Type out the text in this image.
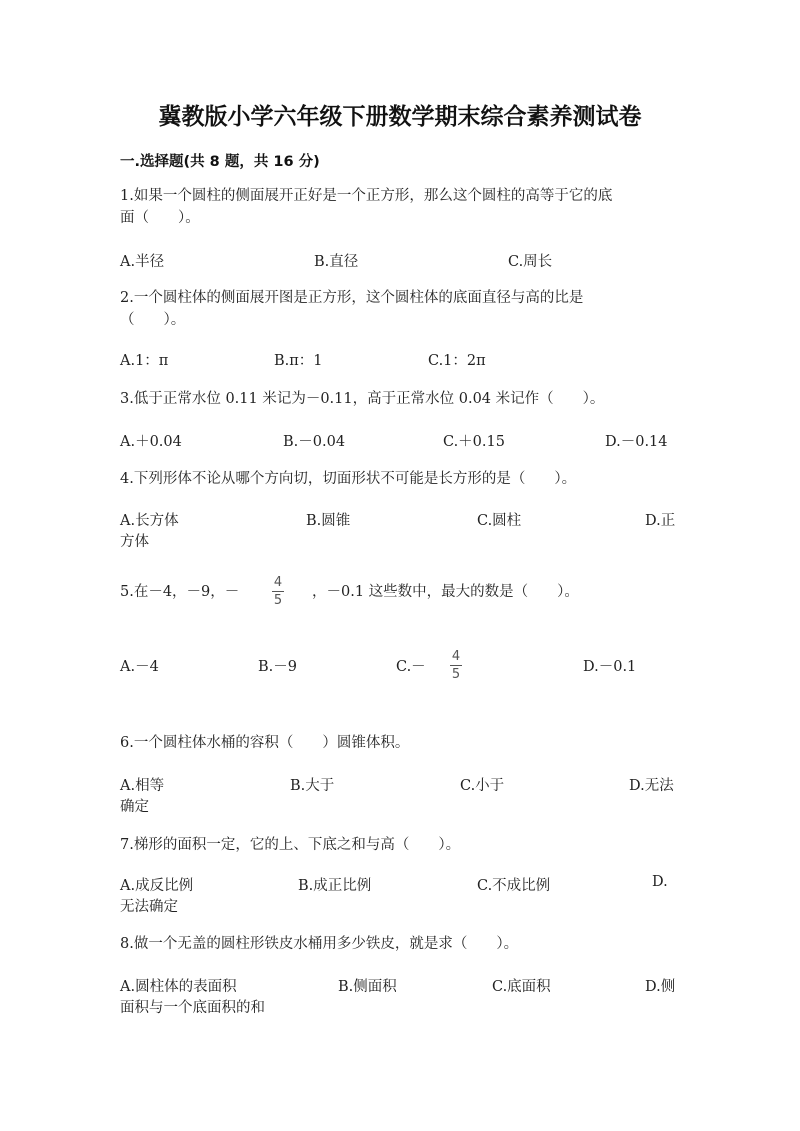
冀教版小学六年级下册数学期末综合素养测试卷
一.选择题(共 8 题，共 16 分)
1.如果一个圆柱的侧面展开正好是一个正方形，那么这个圆柱的高等于它的底
面（　　）。
A.半径	B.直径	C.周长
2.一个圆柱体的侧面展开图是正方形，这个圆柱体的底面直径与高的比是
（　　）。
A.1：π	B.π：1	C.1：2π
3.低于正常水位 0.11 米记为－0.11，高于正常水位 0.04 米记作（　　）。
A.＋0.04	B.－0.04	C.＋0.15	D.－0.14
4.下列形体不论从哪个方向切，切面形状不可能是长方形的是（　　）。
A.长方体	B.圆锥	C.圆柱	D.正
方体
5.在－4，－9，－
4
5
，－0.1 这些数中，最大的数是（　　）。
A.－4	B.－9	C.－
4
5	D.－0.1
6.一个圆柱体水桶的容积（　　）圆锥体积。
A.相等	B.大于	C.小于	D.无法
确定
7.梯形的面积一定，它的上、下底之和与高（　　）。
A.成反比例	B.成正比例	C.不成比例	D.
无法确定
8.做一个无盖的圆柱形铁皮水桶用多少铁皮，就是求（　　）。
A.圆柱体的表面积	B.侧面积	C.底面积	D.侧
面积与一个底面积的和
